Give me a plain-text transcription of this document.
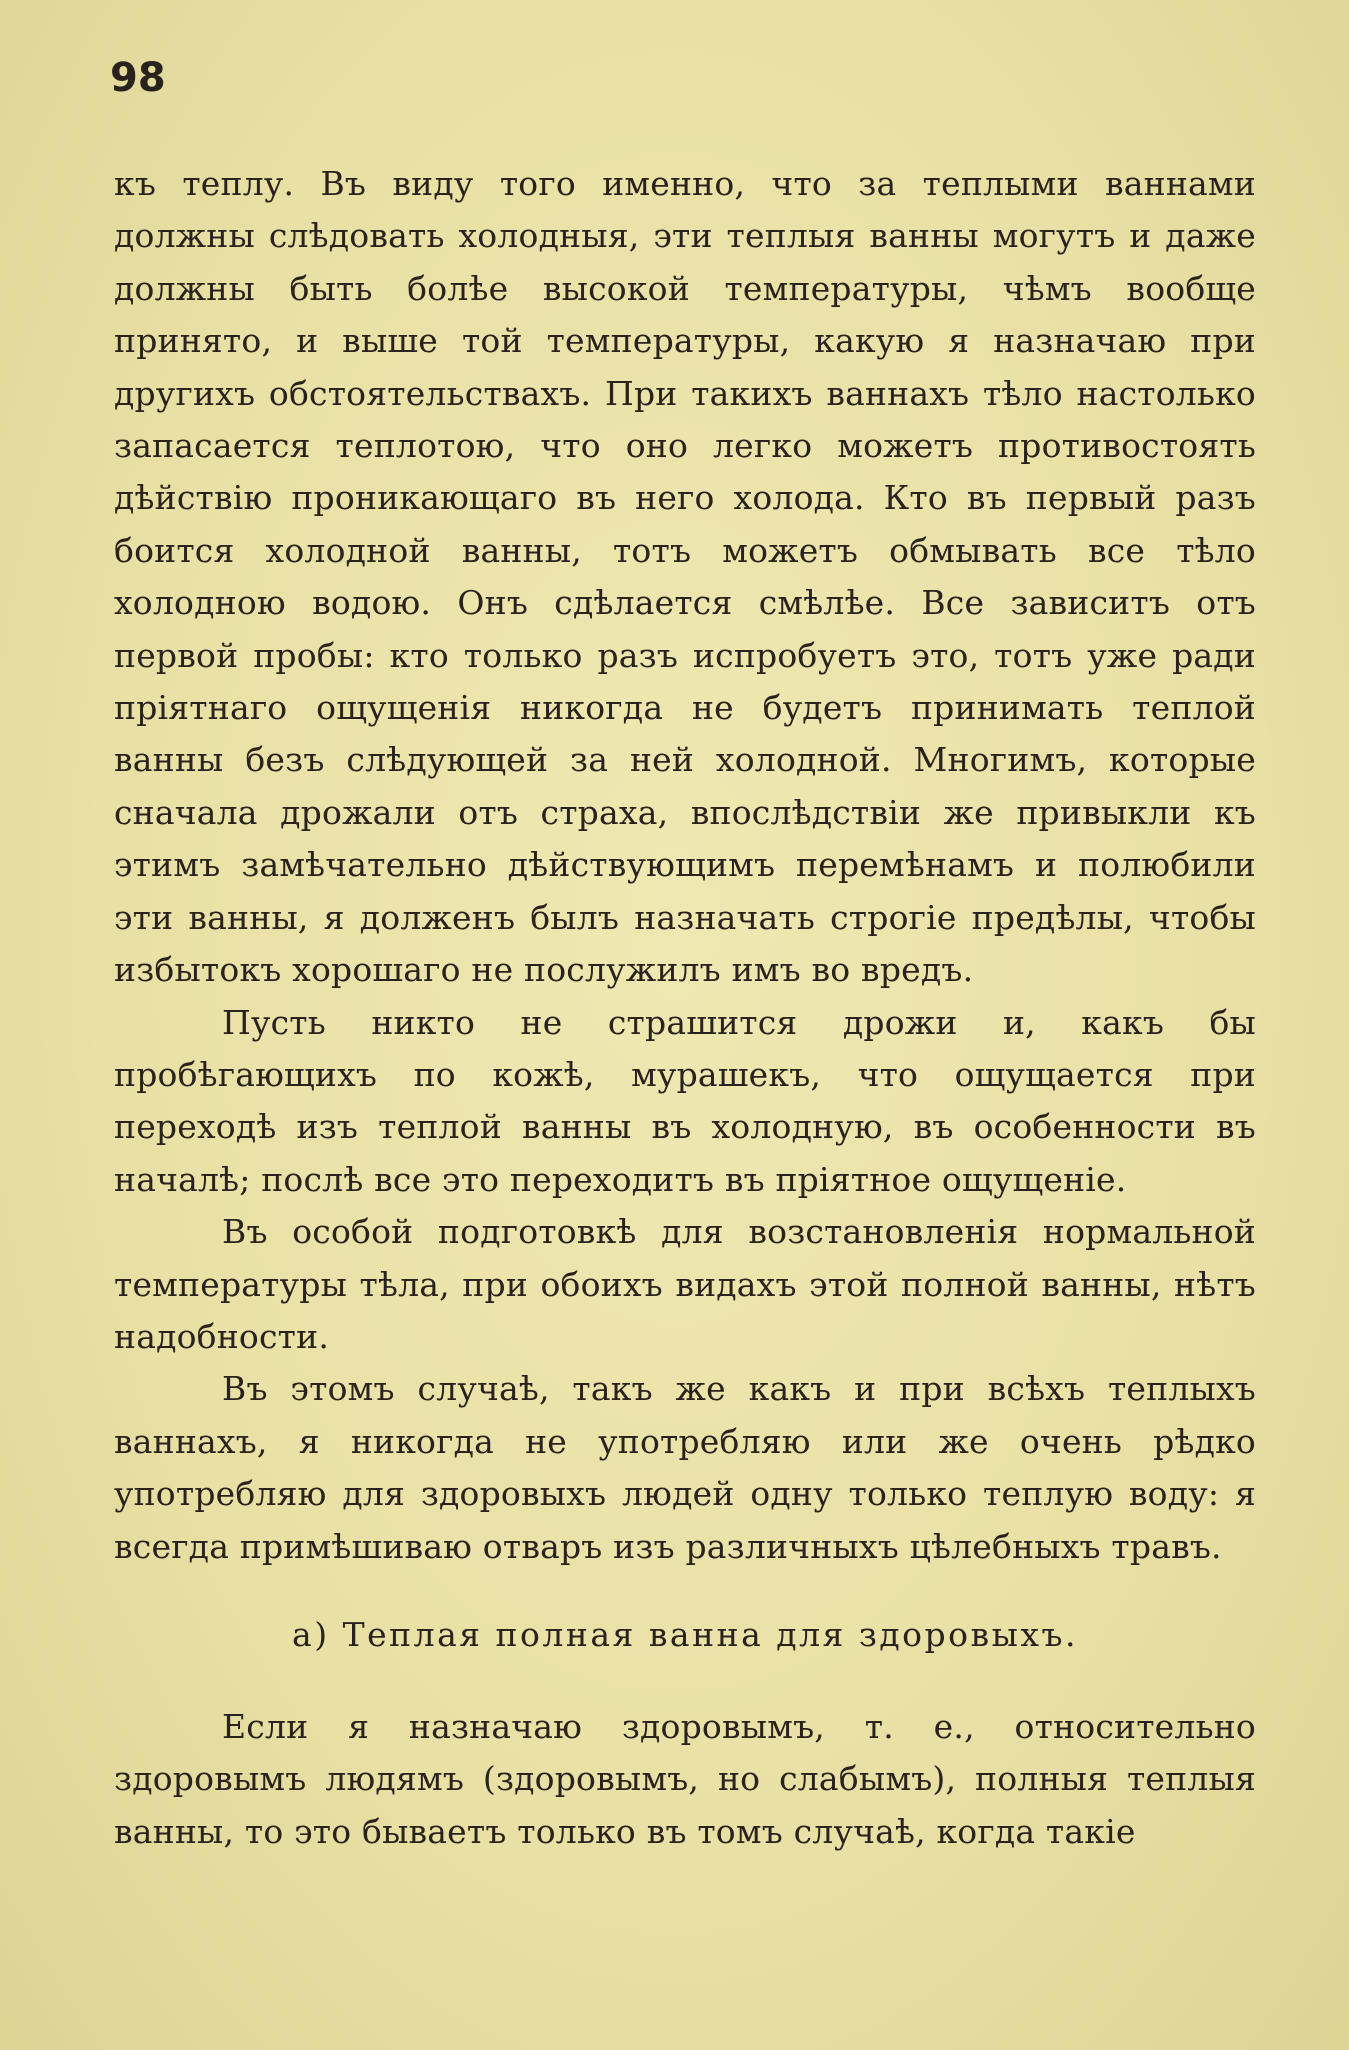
98

къ теплу. Въ виду того именно, что за теплыми ваннами должны слѣдовать холодныя, эти теплыя ванны могутъ и даже должны быть болѣе высокой температуры, чѣмъ вообще принято, и выше той температуры, какую я назначаю при другихъ обстоятельствахъ. При такихъ ваннахъ тѣло настолько запасается теплотою, что оно легко можетъ противостоять дѣйствію проникающаго въ него холода. Кто въ первый разъ боится холодной ванны, тотъ можетъ обмывать все тѣло холодною водою. Онъ сдѣлается смѣлѣе. Все зависитъ отъ первой пробы: кто только разъ испробуетъ это, тотъ уже ради пріятнаго ощущенія никогда не будетъ принимать теплой ванны безъ слѣдующей за ней холодной. Многимъ, которые сначала дрожали отъ страха, впослѣдствіи же привыкли къ этимъ замѣчательно дѣйствующимъ перемѣнамъ и полюбили эти ванны, я долженъ былъ назначать строгіе предѣлы, чтобы избытокъ хорошаго не послужилъ имъ во вредъ.

Пусть никто не страшится дрожи и, какъ бы пробѣгающихъ по кожѣ, мурашекъ, что ощущается при переходѣ изъ теплой ванны въ холодную, въ особенности въ началѣ; послѣ все это переходитъ въ пріятное ощущеніе.

Въ особой подготовкѣ для возстановленія нормальной температуры тѣла, при обоихъ видахъ этой полной ванны, нѣтъ надобности.

Въ этомъ случаѣ, такъ же какъ и при всѣхъ теплыхъ ваннахъ, я никогда не употребляю или же очень рѣдко употребляю для здоровыхъ людей одну только теплую воду: я всегда примѣшиваю отваръ изъ различныхъ цѣлебныхъ травъ.

а) Теплая полная ванна для здоровыхъ.

Если я назначаю здоровымъ, т. е., относительно здоровымъ людямъ (здоровымъ, но слабымъ), полныя теплыя ванны, то это бываетъ только въ томъ случаѣ, когда такіе
